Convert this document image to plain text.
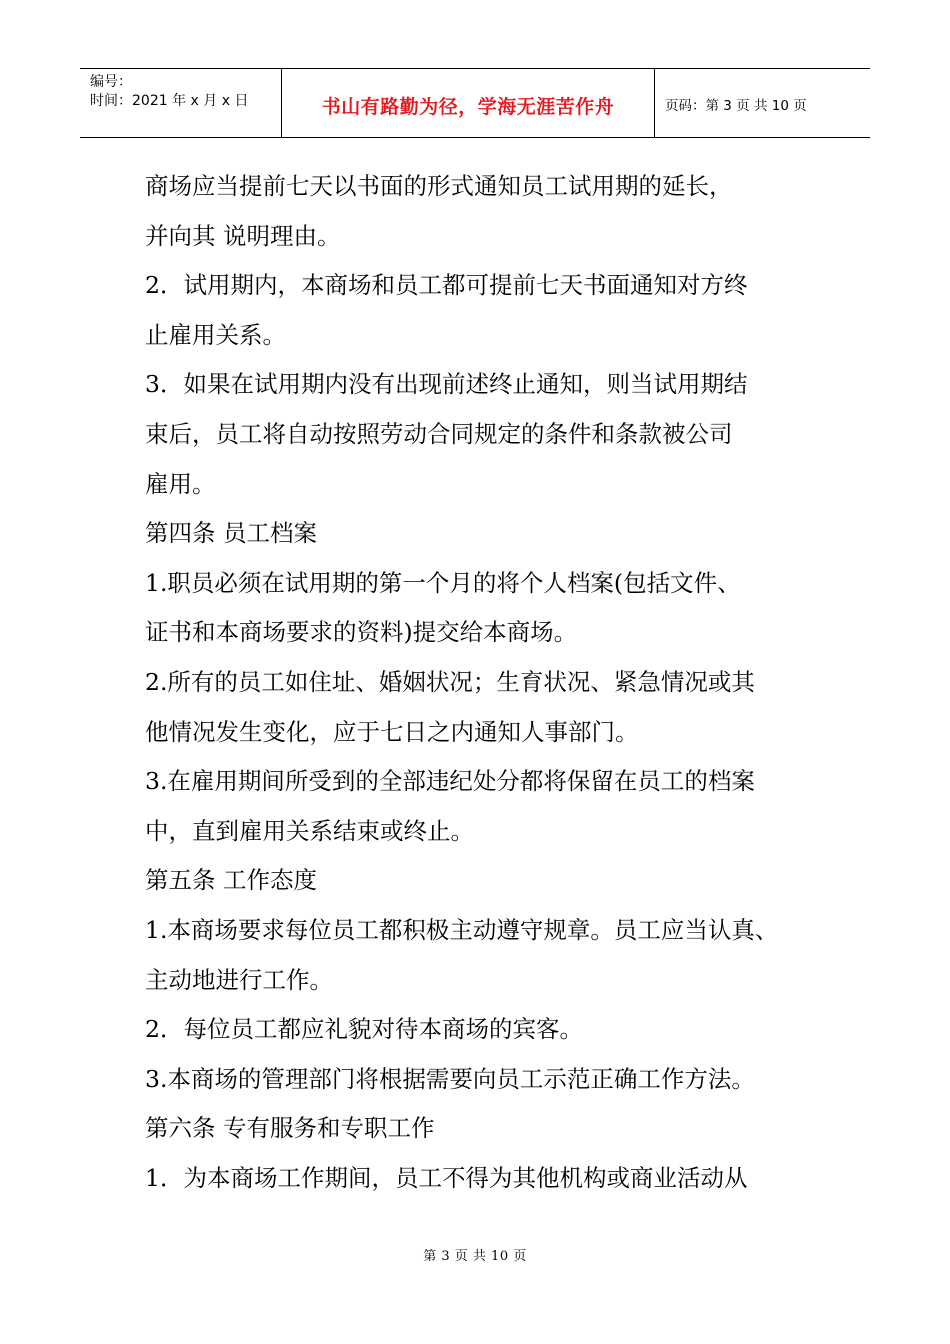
编号：
时间：2021 年 x 月 x 日	书山有路勤为径，学海无涯苦作舟	页码：第 3 页 共 10 页

商场应当提前七天以书面的形式通知员工试用期的延长，

并向其 说明理由。

2．试用期内，本商场和员工都可提前七天书面通知对方终

止雇用关系。

3．如果在试用期内没有出现前述终止通知，则当试用期结

束后，员工将自动按照劳动合同规定的条件和条款被公司

雇用。

第四条 员工档案

1.职员必须在试用期的第一个月的将个人档案(包括文件、

证书和本商场要求的资料)提交给本商场。

2.所有的员工如住址、婚姻状况；生育状况、紧急情况或其

他情况发生变化，应于七日之内通知人事部门。

3.在雇用期间所受到的全部违纪处分都将保留在员工的档案

中，直到雇用关系结束或终止。

第五条 工作态度

1.本商场要求每位员工都积极主动遵守规章。员工应当认真、

主动地进行工作。

2．每位员工都应礼貌对待本商场的宾客。

3.本商场的管理部门将根据需要向员工示范正确工作方法。

第六条 专有服务和专职工作

1．为本商场工作期间，员工不得为其他机构或商业活动从

第 3 页 共 10 页
